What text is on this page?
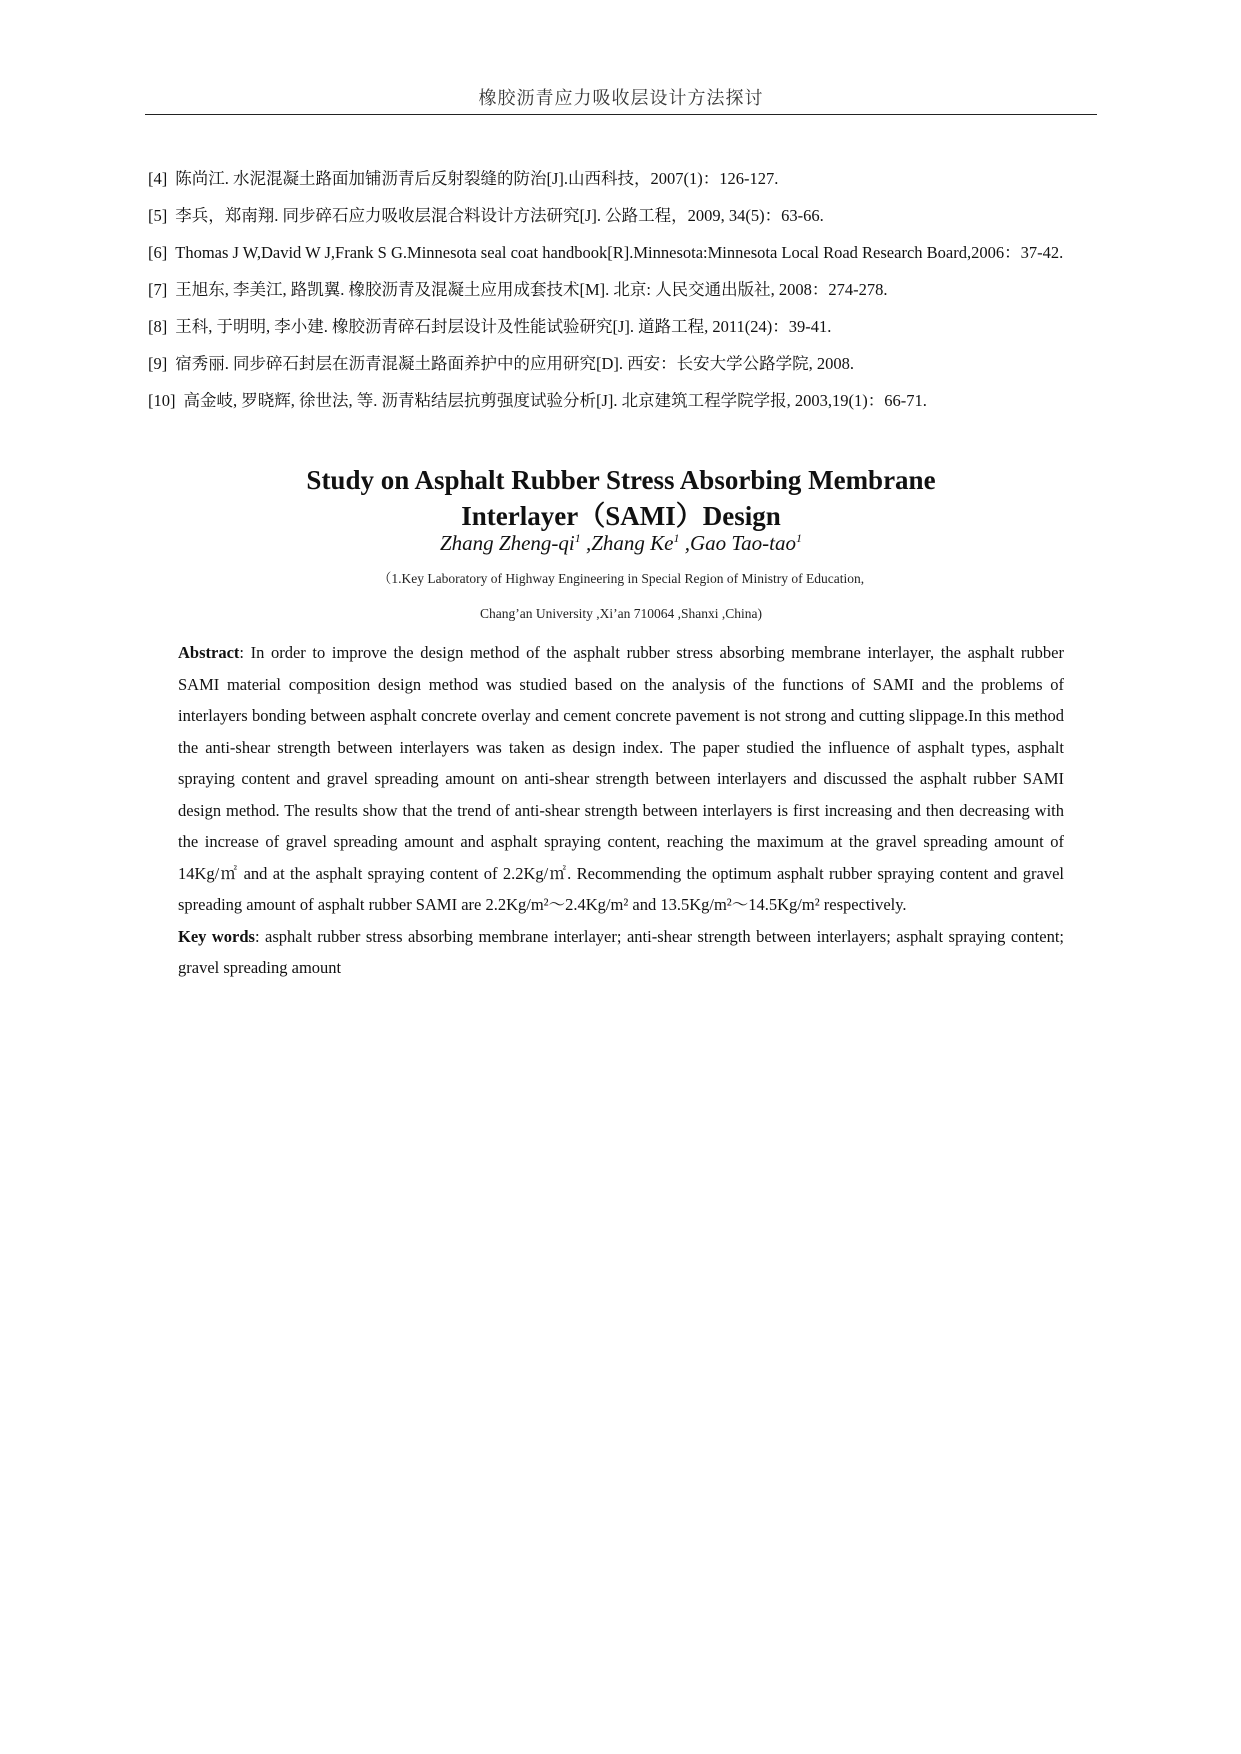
橡胶沥青应力吸收层设计方法探讨
[4] 陈尚江. 水泥混凝土路面加铺沥青后反射裂缝的防治[J].山西科技，2007(1)：126-127.
[5] 李兵，郑南翔. 同步碎石应力吸收层混合料设计方法研究[J]. 公路工程，2009, 34(5)：63-66.
[6] Thomas J W,David W J,Frank S G.Minnesota seal coat handbook[R].Minnesota:Minnesota Local Road Research Board,2006：37-42.
[7] 王旭东, 李美江, 路凯翼. 橡胶沥青及混凝土应用成套技术[M]. 北京: 人民交通出版社, 2008：274-278.
[8] 王科, 于明明, 李小建. 橡胶沥青碎石封层设计及性能试验研究[J]. 道路工程, 2011(24)：39-41.
[9] 宿秀丽. 同步碎石封层在沥青混凝土路面养护中的应用研究[D]. 西安：长安大学公路学院, 2008.
[10] 高金岐, 罗晓辉, 徐世法, 等. 沥青粘结层抗剪强度试验分析[J]. 北京建筑工程学院学报, 2003,19(1)：66-71.
Study on Asphalt Rubber Stress Absorbing Membrane
Interlayer（SAMI）Design
Zhang Zheng-$qi^1$ ,Zhang Ke$^1$ ,Gao Tao-tao$^1$
（1.Key Laboratory of Highway Engineering in Special Region of Ministry of Education,
Chang’an University ,Xi’an 710064 ,Shanxi ,China)
Abstract: In order to improve the design method of the asphalt rubber stress absorbing membrane interlayer, the asphalt rubber SAMI material composition design method was studied based on the analysis of the functions of SAMI and the problems of interlayers bonding between asphalt concrete overlay and cement concrete pavement is not strong and cutting slippage.In this method the anti-shear strength between interlayers was taken as design index. The paper studied the influence of asphalt types, asphalt spraying content and gravel spreading amount on anti-shear strength between interlayers and discussed the asphalt rubber SAMI design method. The results show that the trend of anti-shear strength between interlayers is first increasing and then decreasing with the increase of gravel spreading amount and asphalt spraying content, reaching the maximum at the gravel spreading amount of 14Kg/㎡ and at the asphalt spraying content of 2.2Kg/㎡. Recommending the optimum asphalt rubber spraying content and gravel spreading amount of asphalt rubber SAMI are 2.2Kg/m²～2.4Kg/m² and 13.5Kg/m²～14.5Kg/m² respectively.
Key words: asphalt rubber stress absorbing membrane interlayer; anti-shear strength between interlayers; asphalt spraying content; gravel spreading amount
